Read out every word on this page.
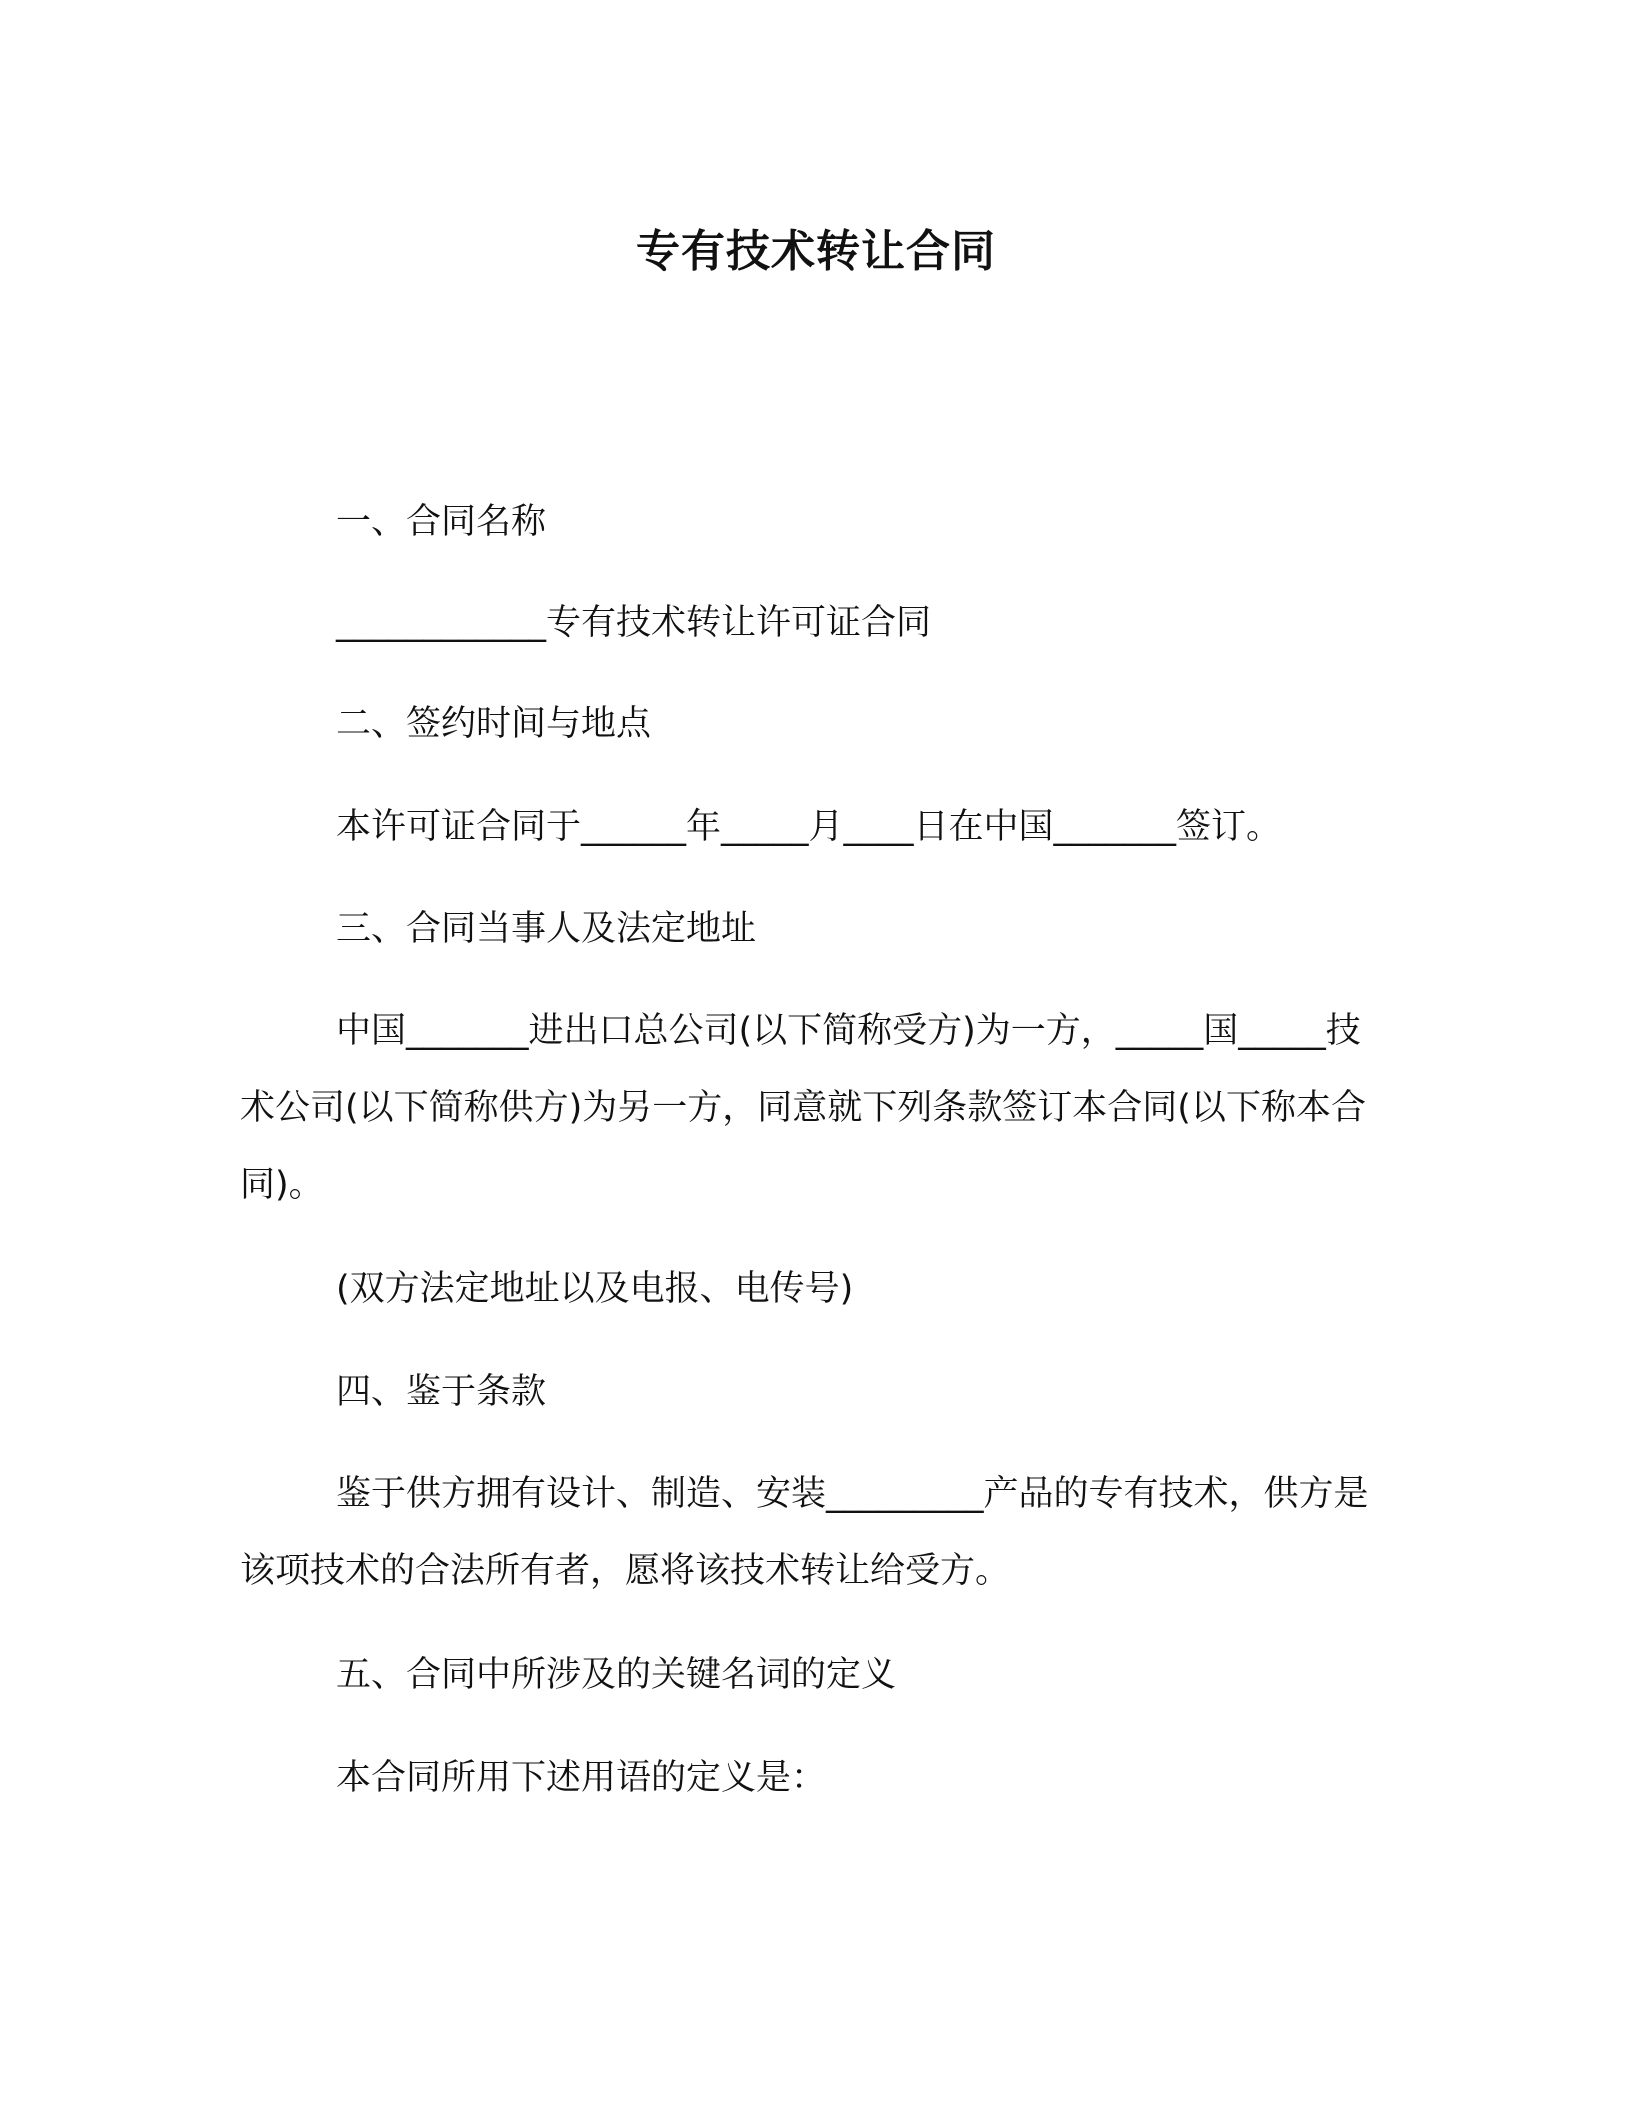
专有技术转让合同
一、合同名称
____________专有技术转让许可证合同
二、签约时间与地点
本许可证合同于______年_____月____日在中国_______签订。
三、合同当事人及法定地址
中国_______进出口总公司(以下简称受方)为一方，_____国_____技术公司(以下简称供方)为另一方，同意就下列条款签订本合同(以下称本合同)。
(双方法定地址以及电报、电传号)
四、鉴于条款
鉴于供方拥有设计、制造、安装_________产品的专有技术，供方是该项技术的合法所有者，愿将该技术转让给受方。
五、合同中所涉及的关键名词的定义
本合同所用下述用语的定义是：
